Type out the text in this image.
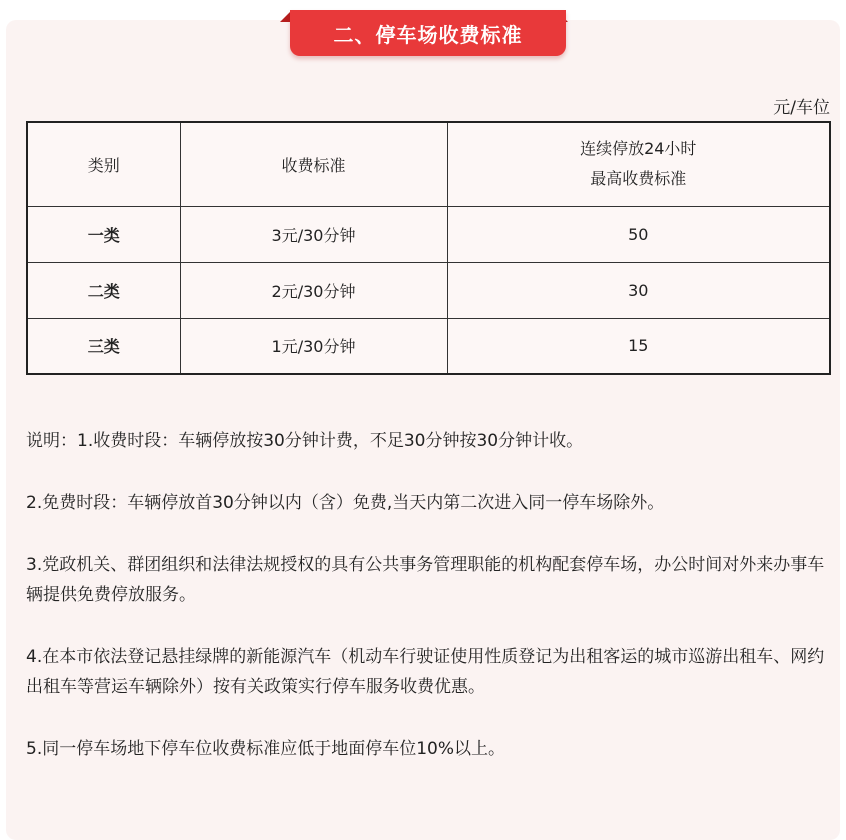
二、停车场收费标准
元/车位
类别	收费标准	连续停放24小时
最高收费标准

一类	3元/30分钟	50
二类	2元/30分钟	30
三类	1元/30分钟	15

说明：1.收费时段：车辆停放按30分钟计费，不足30分钟按30分钟计收。

2.免费时段：车辆停放首30分钟以内（含）免费,当天内第二次进入同一停车场除外。

3.党政机关、群团组织和法律法规授权的具有公共事务管理职能的机构配套停车场，办公时间对外来办事车辆提供免费停放服务。

4.在本市依法登记悬挂绿牌的新能源汽车（机动车行驶证使用性质登记为出租客运的城市巡游出租车、网约出租车等营运车辆除外）按有关政策实行停车服务收费优惠。

5.同一停车场地下停车位收费标准应低于地面停车位10%以上。
